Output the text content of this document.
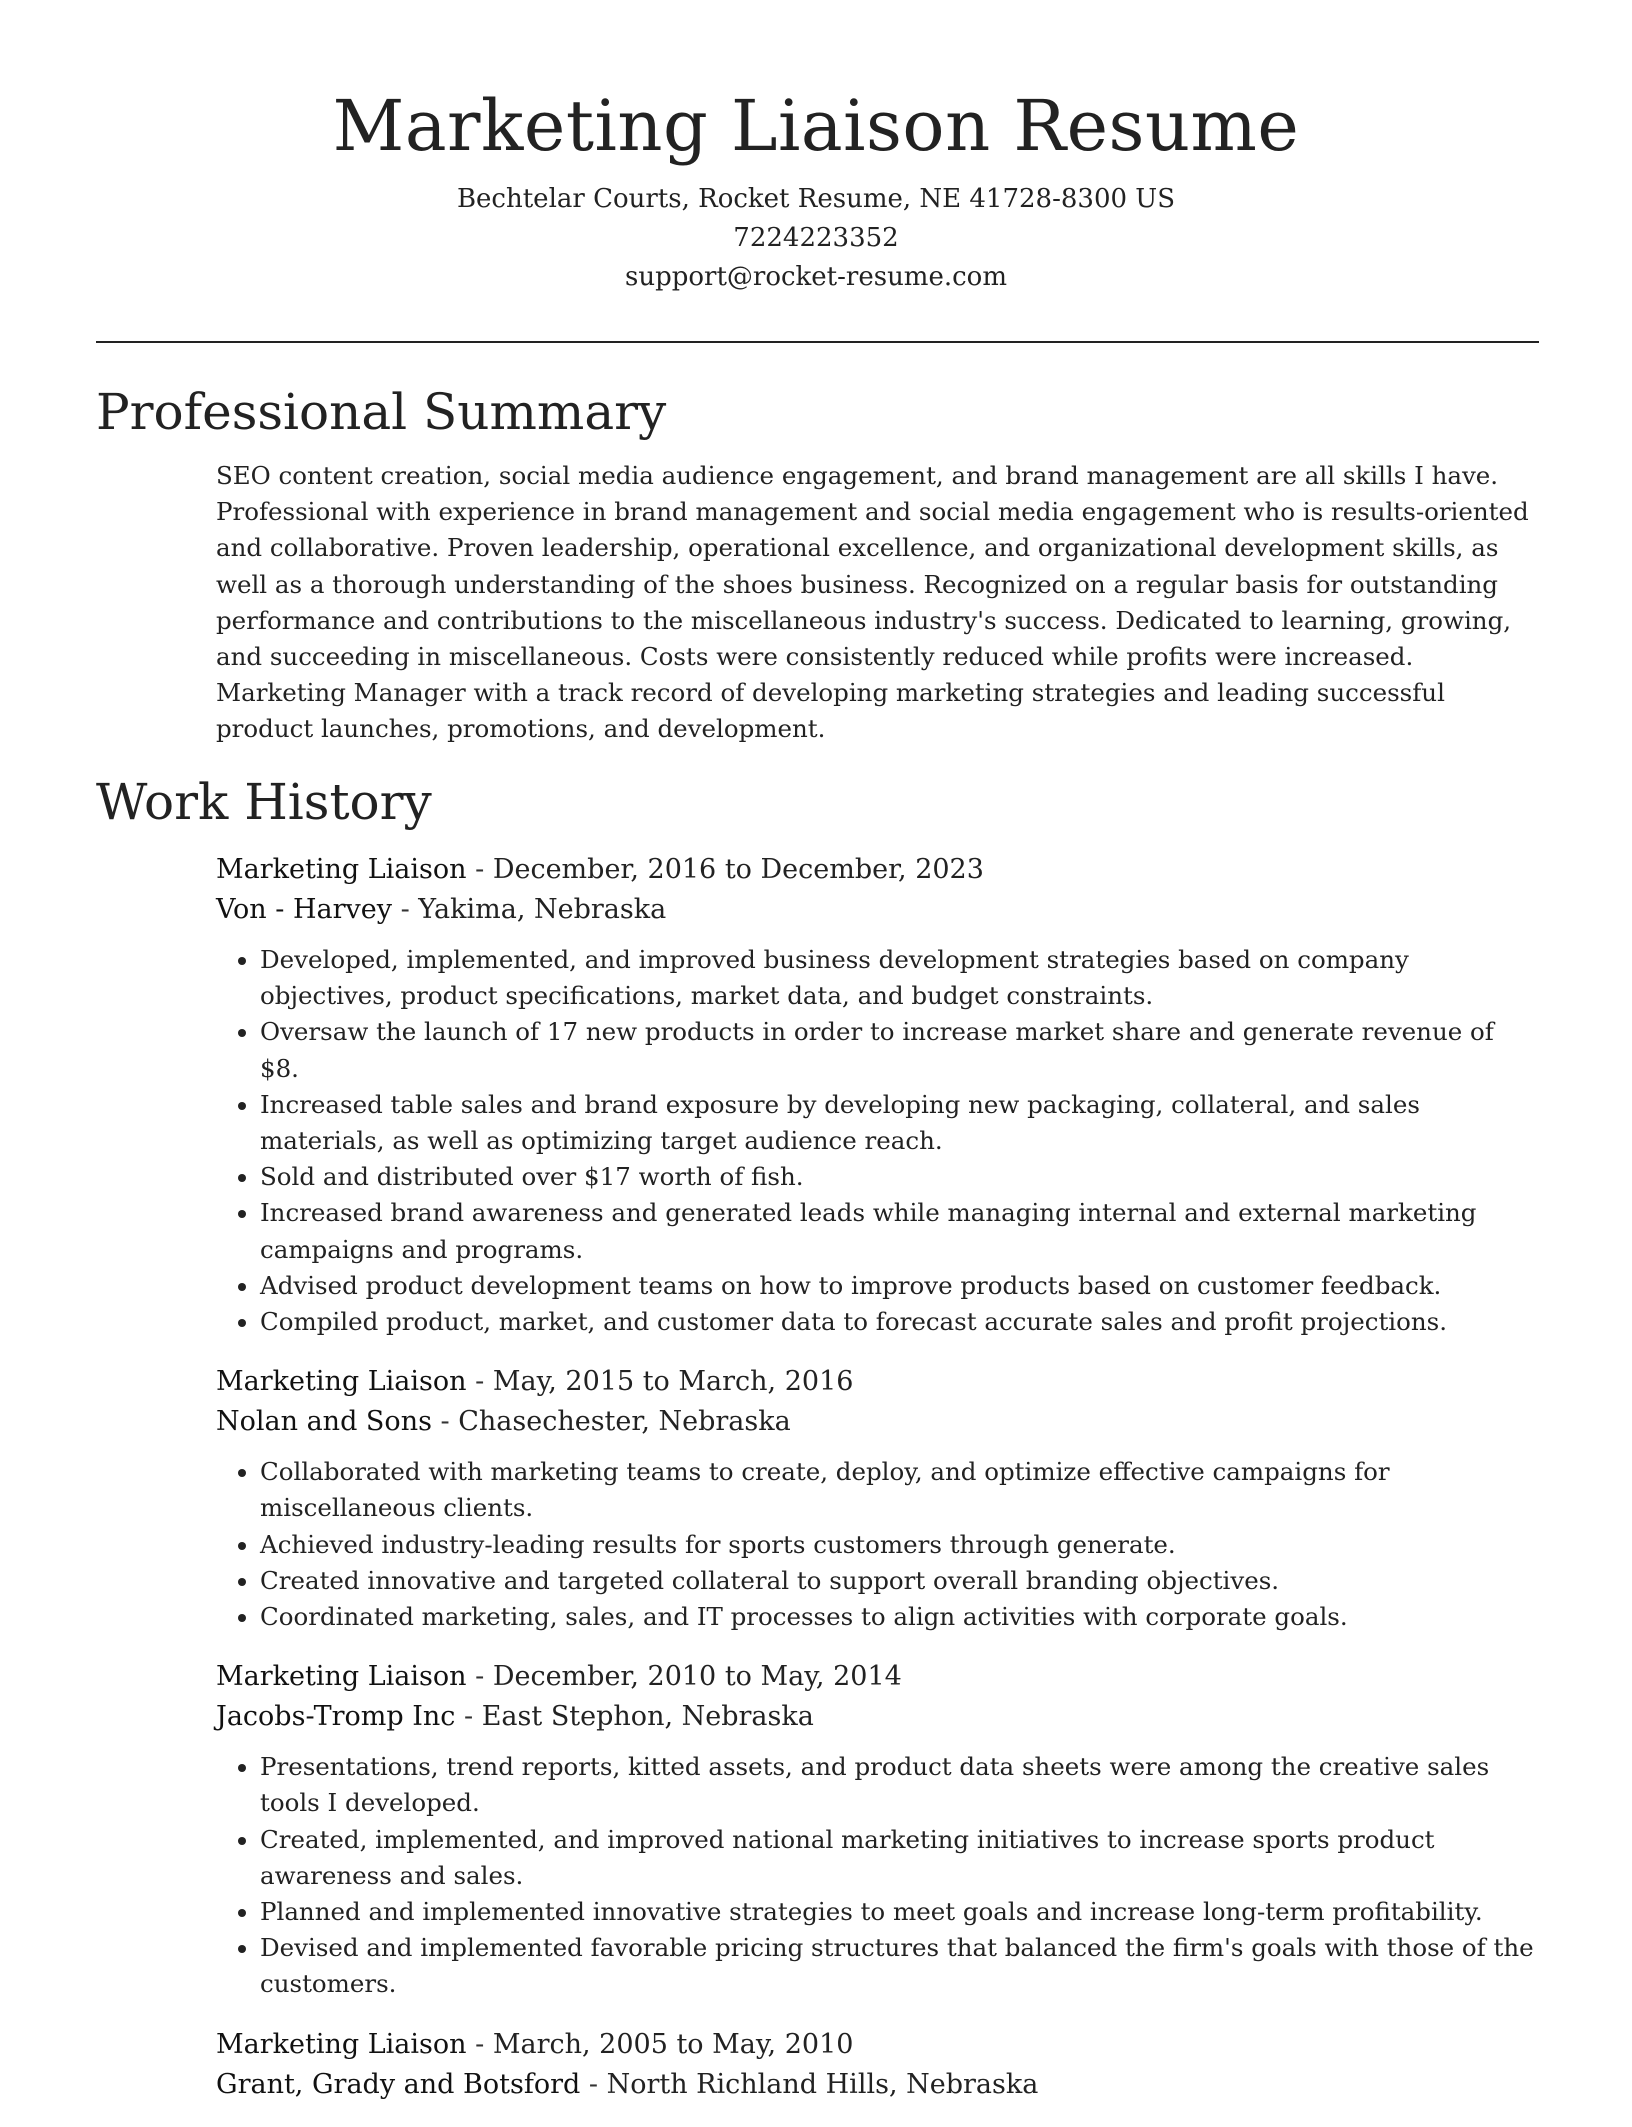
Marketing Liaison Resume
Bechtelar Courts, Rocket Resume, NE 41728-8300 US
7224223352
support@rocket-resume.com
Professional Summary

SEO content creation, social media audience engagement, and brand management are all skills I have. Professional with experience in brand management and social media engagement who is results-oriented and collaborative. Proven leadership, operational excellence, and organizational development skills, as well as a thorough understanding of the shoes business. Recognized on a regular basis for outstanding performance and contributions to the miscellaneous industry's success. Dedicated to learning, growing, and succeeding in miscellaneous. Costs were consistently reduced while profits were increased. Marketing Manager with a track record of developing marketing strategies and leading successful product launches, promotions, and development.

Work History
Marketing Liaison - December, 2016 to December, 2023
Von - Harvey - Yakima, Nebraska
• Developed, implemented, and improved business development strategies based on company objectives, product specifications, market data, and budget constraints.
• Oversaw the launch of 17 new products in order to increase market share and generate revenue of $8.
• Increased table sales and brand exposure by developing new packaging, collateral, and sales materials, as well as optimizing target audience reach.
• Sold and distributed over $17 worth of fish.
• Increased brand awareness and generated leads while managing internal and external marketing campaigns and programs.
• Advised product development teams on how to improve products based on customer feedback.
• Compiled product, market, and customer data to forecast accurate sales and profit projections.
Marketing Liaison - May, 2015 to March, 2016
Nolan and Sons - Chasechester, Nebraska
• Collaborated with marketing teams to create, deploy, and optimize effective campaigns for miscellaneous clients.
• Achieved industry-leading results for sports customers through generate.
• Created innovative and targeted collateral to support overall branding objectives.
• Coordinated marketing, sales, and IT processes to align activities with corporate goals.
Marketing Liaison - December, 2010 to May, 2014
Jacobs-Tromp Inc - East Stephon, Nebraska
• Presentations, trend reports, kitted assets, and product data sheets were among the creative sales tools I developed.
• Created, implemented, and improved national marketing initiatives to increase sports product awareness and sales.
• Planned and implemented innovative strategies to meet goals and increase long-term profitability.
• Devised and implemented favorable pricing structures that balanced the firm's goals with those of the customers.
Marketing Liaison - March, 2005 to May, 2010
Grant, Grady and Botsford - North Richland Hills, Nebraska
